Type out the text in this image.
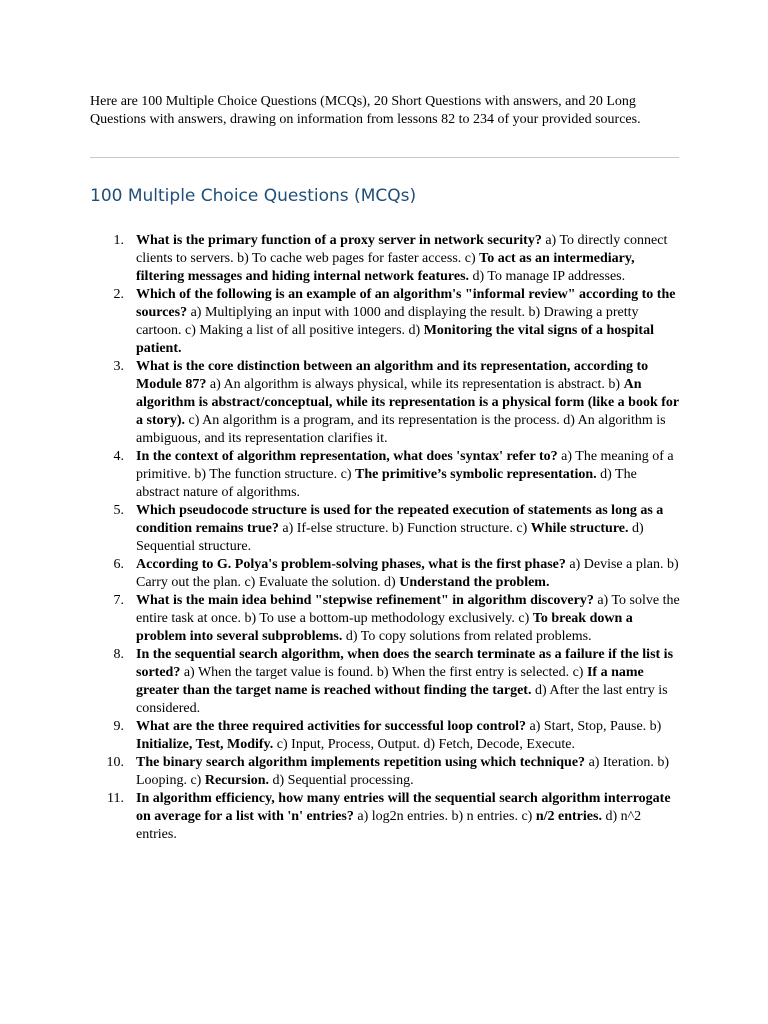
Here are 100 Multiple Choice Questions (MCQs), 20 Short Questions with answers, and 20 Long Questions with answers, drawing on information from lessons 82 to 234 of your provided sources.

100 Multiple Choice Questions (MCQs)
1. What is the primary function of a proxy server in network security? a) To directly connect clients to servers. b) To cache web pages for faster access. c) To act as an intermediary, filtering messages and hiding internal network features. d) To manage IP addresses.
2. Which of the following is an example of an algorithm's "informal review" according to the sources? a) Multiplying an input with 1000 and displaying the result. b) Drawing a pretty cartoon. c) Making a list of all positive integers. d) Monitoring the vital signs of a hospital patient.
3. What is the core distinction between an algorithm and its representation, according to Module 87? a) An algorithm is always physical, while its representation is abstract. b) An algorithm is abstract/conceptual, while its representation is a physical form (like a book for a story). c) An algorithm is a program, and its representation is the process. d) An algorithm is ambiguous, and its representation clarifies it.
4. In the context of algorithm representation, what does 'syntax' refer to? a) The meaning of a primitive. b) The function structure. c) The primitive’s symbolic representation. d) The abstract nature of algorithms.
5. Which pseudocode structure is used for the repeated execution of statements as long as a condition remains true? a) If-else structure. b) Function structure. c) While structure. d) Sequential structure.
6. According to G. Polya's problem-solving phases, what is the first phase? a) Devise a plan. b) Carry out the plan. c) Evaluate the solution. d) Understand the problem.
7. What is the main idea behind "stepwise refinement" in algorithm discovery? a) To solve the entire task at once. b) To use a bottom-up methodology exclusively. c) To break down a problem into several subproblems. d) To copy solutions from related problems.
8. In the sequential search algorithm, when does the search terminate as a failure if the list is sorted? a) When the target value is found. b) When the first entry is selected. c) If a name greater than the target name is reached without finding the target. d) After the last entry is considered.
9. What are the three required activities for successful loop control? a) Start, Stop, Pause. b) Initialize, Test, Modify. c) Input, Process, Output. d) Fetch, Decode, Execute.
10. The binary search algorithm implements repetition using which technique? a) Iteration. b) Looping. c) Recursion. d) Sequential processing.
11. In algorithm efficiency, how many entries will the sequential search algorithm interrogate on average for a list with 'n' entries? a) log2n entries. b) n entries. c) n/2 entries. d) n^2 entries.
